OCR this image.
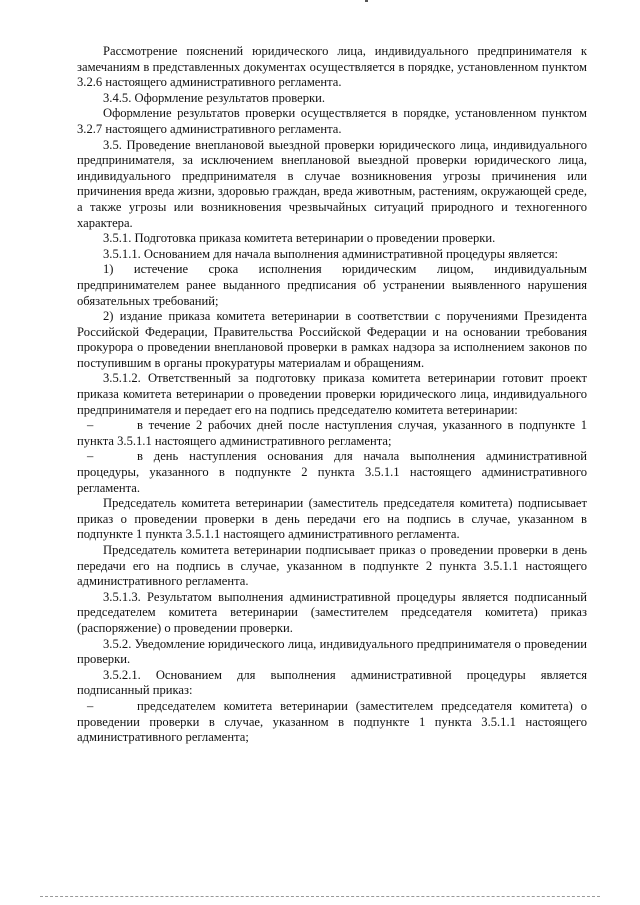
Рассмотрение пояснений юридического лица, индивидуального предпринимателя к замечаниям в представленных документах осуществляется в порядке, установленном пунктом 3.2.6 настоящего административного регламента.

3.4.5. Оформление результатов проверки.

Оформление результатов проверки осуществляется в порядке, установленном пунктом 3.2.7 настоящего административного регламента.

3.5. Проведение внеплановой выездной проверки юридического лица, индивидуального предпринимателя, за исключением внеплановой выездной проверки юридического лица, индивидуального предпринимателя в случае возникновения угрозы причинения или причинения вреда жизни, здоровью граждан, вреда животным, растениям, окружающей среде, а также угрозы или возникновения чрезвычайных ситуаций природного и техногенного характера.

3.5.1. Подготовка приказа комитета ветеринарии о проведении проверки.

3.5.1.1. Основанием для начала выполнения административной процедуры является:

1) истечение срока исполнения юридическим лицом, индивидуальным предпринимателем ранее выданного предписания об устранении выявленного нарушения обязательных требований;

2) издание приказа комитета ветеринарии в соответствии с поручениями Президента Российской Федерации, Правительства Российской Федерации и на основании требования прокурора о проведении внеплановой проверки в рамках надзора за исполнением законов по поступившим в органы прокуратуры материалам и обращениям.

3.5.1.2. Ответственный за подготовку приказа комитета ветеринарии готовит проект приказа комитета ветеринарии о проведении проверки юридического лица, индивидуального предпринимателя и передает его на подпись председателю комитета ветеринарии:

–	в течение 2 рабочих дней после наступления случая, указанного в подпункте 1 пункта 3.5.1.1 настоящего административного регламента;

–	в день наступления основания для начала выполнения административной процедуры, указанного в подпункте 2 пункта 3.5.1.1 настоящего административного регламента.

Председатель комитета ветеринарии (заместитель председателя комитета) подписывает приказ о проведении проверки в день передачи его на подпись в случае, указанном в подпункте 1 пункта 3.5.1.1 настоящего административного регламента.

Председатель комитета ветеринарии подписывает приказ о проведении проверки в день передачи его на подпись в случае, указанном в подпункте 2 пункта 3.5.1.1 настоящего административного регламента.

3.5.1.3. Результатом выполнения административной процедуры является подписанный председателем комитета ветеринарии (заместителем председателя комитета) приказ (распоряжение) о проведении проверки.

3.5.2. Уведомление юридического лица, индивидуального предпринимателя о проведении проверки.

3.5.2.1. Основанием для выполнения административной процедуры является подписанный приказ:

–	председателем комитета ветеринарии (заместителем председателя комитета) о проведении проверки в случае, указанном в подпункте 1 пункта 3.5.1.1 настоящего административного регламента;
